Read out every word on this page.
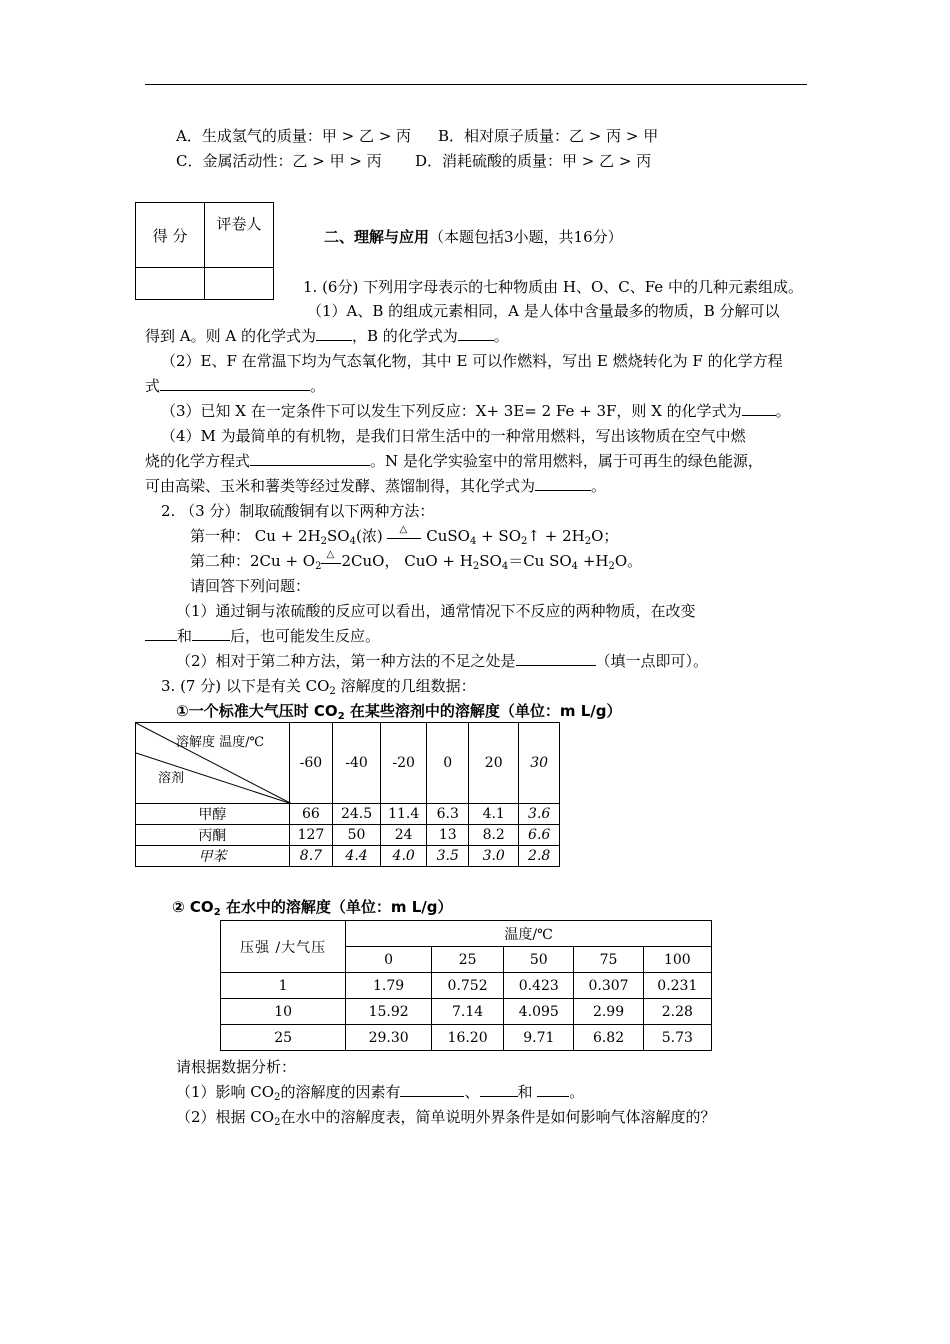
A．生成氢气的质量：甲 > 乙 > 丙 B．相对原子质量：乙 > 丙 > 甲
C．金属活动性：乙 > 甲 > 丙 D．消耗硫酸的质量：甲 > 乙 > 丙
得 分	评卷人

二、理解与应用（本题包括3小题，共16分）
1. (6分) 下列用字母表示的七种物质由 H、O、C、Fe 中的几种元素组成。
（1）A、B 的组成元素相同，A 是人体中含量最多的物质，B 分解可以
得到 A。则 A 的化学式为 ，B 的化学式为 。
（2）E、F 在常温下均为气态氧化物，其中 E 可以作燃料，写出 E 燃烧转化为 F 的化学方程
式	。
（3）已知 X 在一定条件下可以发生下列反应：X+ 3E= 2 Fe + 3F，则 X 的化学式为 。
（4）M 为最简单的有机物，是我们日常生活中的一种常用燃料，写出该物质在空气中燃
烧的化学方程式	。N 是化学实验室中的常用燃料，属于可再生的绿色能源，
可由高梁、玉米和薯类等经过发酵、蒸馏制得，其化学式为	。
2. （3 分）制取硫酸铜有以下两种方法：
第一种： $Cu + 2H_2SO_4$(浓) △ CuSO$_4$ + $SO_2↑ + 2H_2O$；
第二种：$2Cu + O_2$
△ 2CuO， CuO + $H_2SO_4=Cu$ $SO_4 +H_2O$。
请回答下列问题：
（1）通过铜与浓硫酸的反应可以看出，通常情况下不反应的两种物质，在改变
和	后，也可能发生反应。
（2）相对于第二种方法，第一种方法的不足之处是	（填一点即可）。
3. (7 分) 以下是有关 $CO_2$ 溶解度的几组数据：
①一个标准大气压时 $CO_2$ 在某些溶剂中的溶解度（单位：m L/g）
溶解度 温度/℃
溶剂	-60	-40	-20	0	20	30
甲醇	66	24.5	11.4	6.3	4.1	3.6
丙酮	127	50	24	13	8.2	6.6
甲苯	8.7	4.4	4.0	3.5	3.0	2.8
② $CO_2$ 在水中的溶解度（单位：m L/g）
压强 /大气压	温度/℃				
	0	25	50	75	100
1	1.79	0.752	0.423	0.307	0.231
10	15.92	7.14	4.095	2.99	2.28
25	29.30	16.20	9.71	6.82	5.73
请根据数据分析：
（1）影响 $CO_2$的溶解度的因素有	、	和 。
（2）根据 $CO_2$在水中的溶解度表，简单说明外界条件是如何影响气体溶解度的？
